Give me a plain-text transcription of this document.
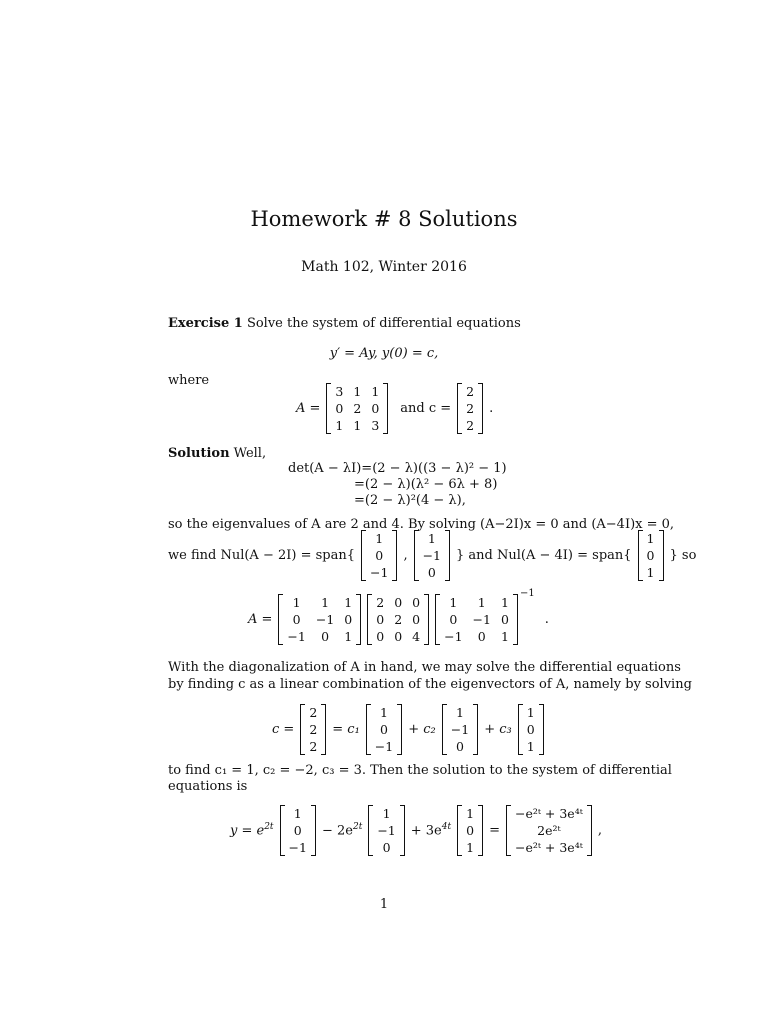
Homework # 8 Solutions
Math 102, Winter 2016
Exercise 1 Solve the system of differential equations
y′ = Ay, y(0) = c,
where
A =
3	1	1
0	2	0
1	1	3
and c =
2
2
2
.
Solution Well,
det(A − λI)=(2 − λ)((3 − λ)² − 1)
=(2 − λ)(λ² − 6λ + 8)
=(2 − λ)²(4 − λ),
so the eigenvalues of A are 2 and 4. By solving (A−2I)x = 0 and (A−4I)x = 0,
we find Nul(A − 2I) = span{
1
0
−1
,
1
−1
0
} and Nul(A − 4I) = span{
1
0
1
} so
A =
1	1	1
0	−1	0
−1	0	1
2	0	0
0	2	0
0	0	4
1	1	1
0	−1	0
−1	0	1
−1
.
With the diagonalization of A in hand, we may solve the differential equations
by finding c as a linear combination of the eigenvectors of A, namely by solving
c =
2
2
2
= c₁
1
0
−1
+ c₂
1
−1
0
+ c₃
1
0
1
to find c₁ = 1, c₂ = −2, c₃ = 3. Then the solution to the system of differential
equations is
$y = e^{2t}$
1
0
−1
− $2e^{2t}$
1
−1
0
+ $3e^{4t}$
1
0
1
=
−e²ᵗ + 3e⁴ᵗ
2e²ᵗ
−e²ᵗ + 3e⁴ᵗ
,
1
